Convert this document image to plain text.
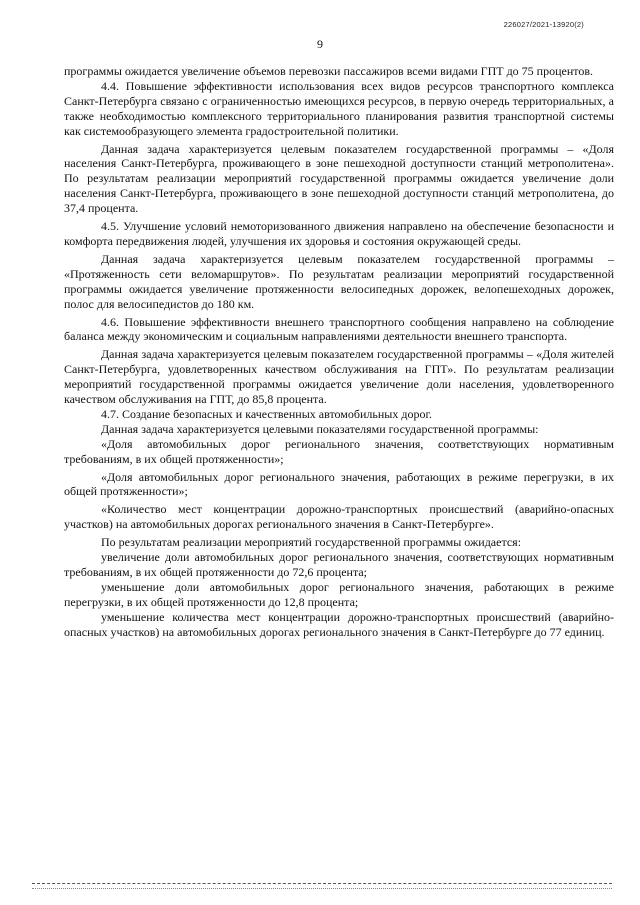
226027/2021-13920(2)
9

программы ожидается увеличение объемов перевозки пассажиров всеми видами ГПТ до 75 процентов.

4.4. Повышение эффективности использования всех видов ресурсов транспортного комплекса Санкт-Петербурга связано с ограниченностью имеющихся ресурсов, в первую очередь территориальных, а также необходимостью комплексного территориального планирования развития транспортной системы как системообразующего элемента градостроительной политики.

Данная задача характеризуется целевым показателем государственной программы – «Доля населения Санкт-Петербурга, проживающего в зоне пешеходной доступности станций метрополитена». По результатам реализации мероприятий государственной программы ожидается увеличение доли населения Санкт-Петербурга, проживающего в зоне пешеходной доступности станций метрополитена, до 37,4 процента.

4.5. Улучшение условий немоторизованного движения направлено на обеспечение безопасности и комфорта передвижения людей, улучшения их здоровья и состояния окружающей среды.

Данная задача характеризуется целевым показателем государственной программы – «Протяженность сети веломаршрутов». По результатам реализации мероприятий государственной программы ожидается увеличение протяженности велосипедных дорожек, велопешеходных дорожек, полос для велосипедистов до 180 км.

4.6. Повышение эффективности внешнего транспортного сообщения направлено на соблюдение баланса между экономическим и социальным направлениями деятельности внешнего транспорта.

Данная задача характеризуется целевым показателем государственной программы – «Доля жителей Санкт-Петербурга, удовлетворенных качеством обслуживания на ГПТ». По результатам реализации мероприятий государственной программы ожидается увеличение доли населения, удовлетворенного качеством обслуживания на ГПТ, до 85,8 процента.

4.7. Создание безопасных и качественных автомобильных дорог.

Данная задача характеризуется целевыми показателями государственной программы:

«Доля автомобильных дорог регионального значения, соответствующих нормативным требованиям, в их общей протяженности»;

«Доля автомобильных дорог регионального значения, работающих в режиме перегрузки, в их общей протяженности»;

«Количество мест концентрации дорожно-транспортных происшествий (аварийно-опасных участков) на автомобильных дорогах регионального значения в Санкт-Петербурге».

По результатам реализации мероприятий государственной программы ожидается:

увеличение доли автомобильных дорог регионального значения, соответствующих нормативным требованиям, в их общей протяженности до 72,6 процента;

уменьшение доли автомобильных дорог регионального значения, работающих в режиме перегрузки, в их общей протяженности до 12,8 процента;

уменьшение количества мест концентрации дорожно-транспортных происшествий (аварийно-опасных участков) на автомобильных дорогах регионального значения в Санкт-Петербурге до 77 единиц.
